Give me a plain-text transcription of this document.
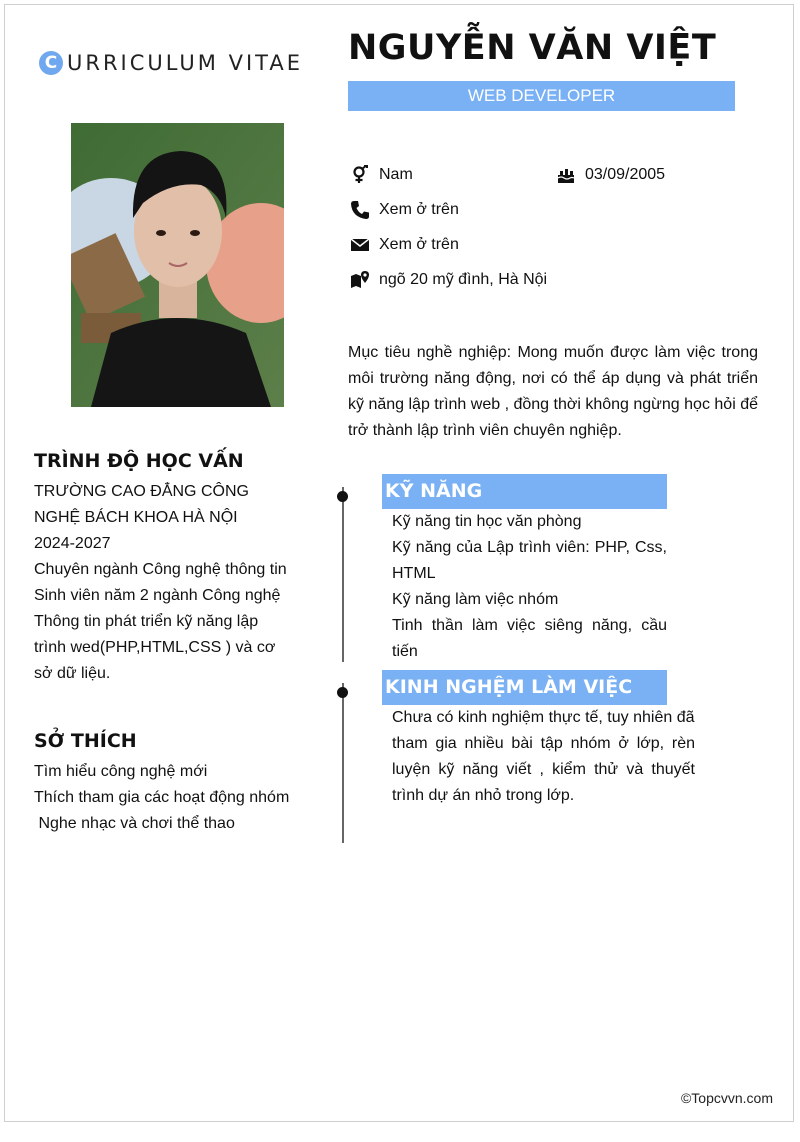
C URRICULUM VITAE NGUYỄN VĂN VIỆT
WEB DEVELOPER
Nam	03/09/2005
Xem ở trên
Xem ở trên
ngõ 20 mỹ đình, Hà Nội
Mục tiêu nghề nghiệp: Mong muốn được làm việc trong môi trường năng động, nơi có thể áp dụng và phát triển kỹ năng lập trình web , đồng thời không ngừng học hỏi để trở thành lập trình viên chuyên nghiệp.
TRÌNH ĐỘ HỌC VẤN
TRƯỜNG CAO ĐẲNG CÔNG NGHỆ BÁCH KHOA HÀ NỘI
2024-2027
Chuyên ngành Công nghệ thông tin
Sinh viên năm 2 ngành Công nghệ Thông tin phát triển kỹ năng lập trình wed(PHP,HTML,CSS ) và cơ sở dữ liệu.
SỞ THÍCH
Tìm hiểu công nghệ mới
Thích tham gia các hoạt động nhóm
Nghe nhạc và chơi thể thao
KỸ NĂNG
Kỹ năng tin học văn phòng
Kỹ năng của Lập trình viên: PHP, Css, HTML
Kỹ năng làm việc nhóm
Tinh thần làm việc siêng năng, cầu tiến
KINH NGHỆM LÀM VIỆC
Chưa có kinh nghiệm thực tế, tuy nhiên đã
tham gia nhiều bài tập nhóm ở lớp, rèn luyện kỹ năng viết , kiểm thử và thuyết trình dự án nhỏ trong lớp.
©Topcvvn.com
